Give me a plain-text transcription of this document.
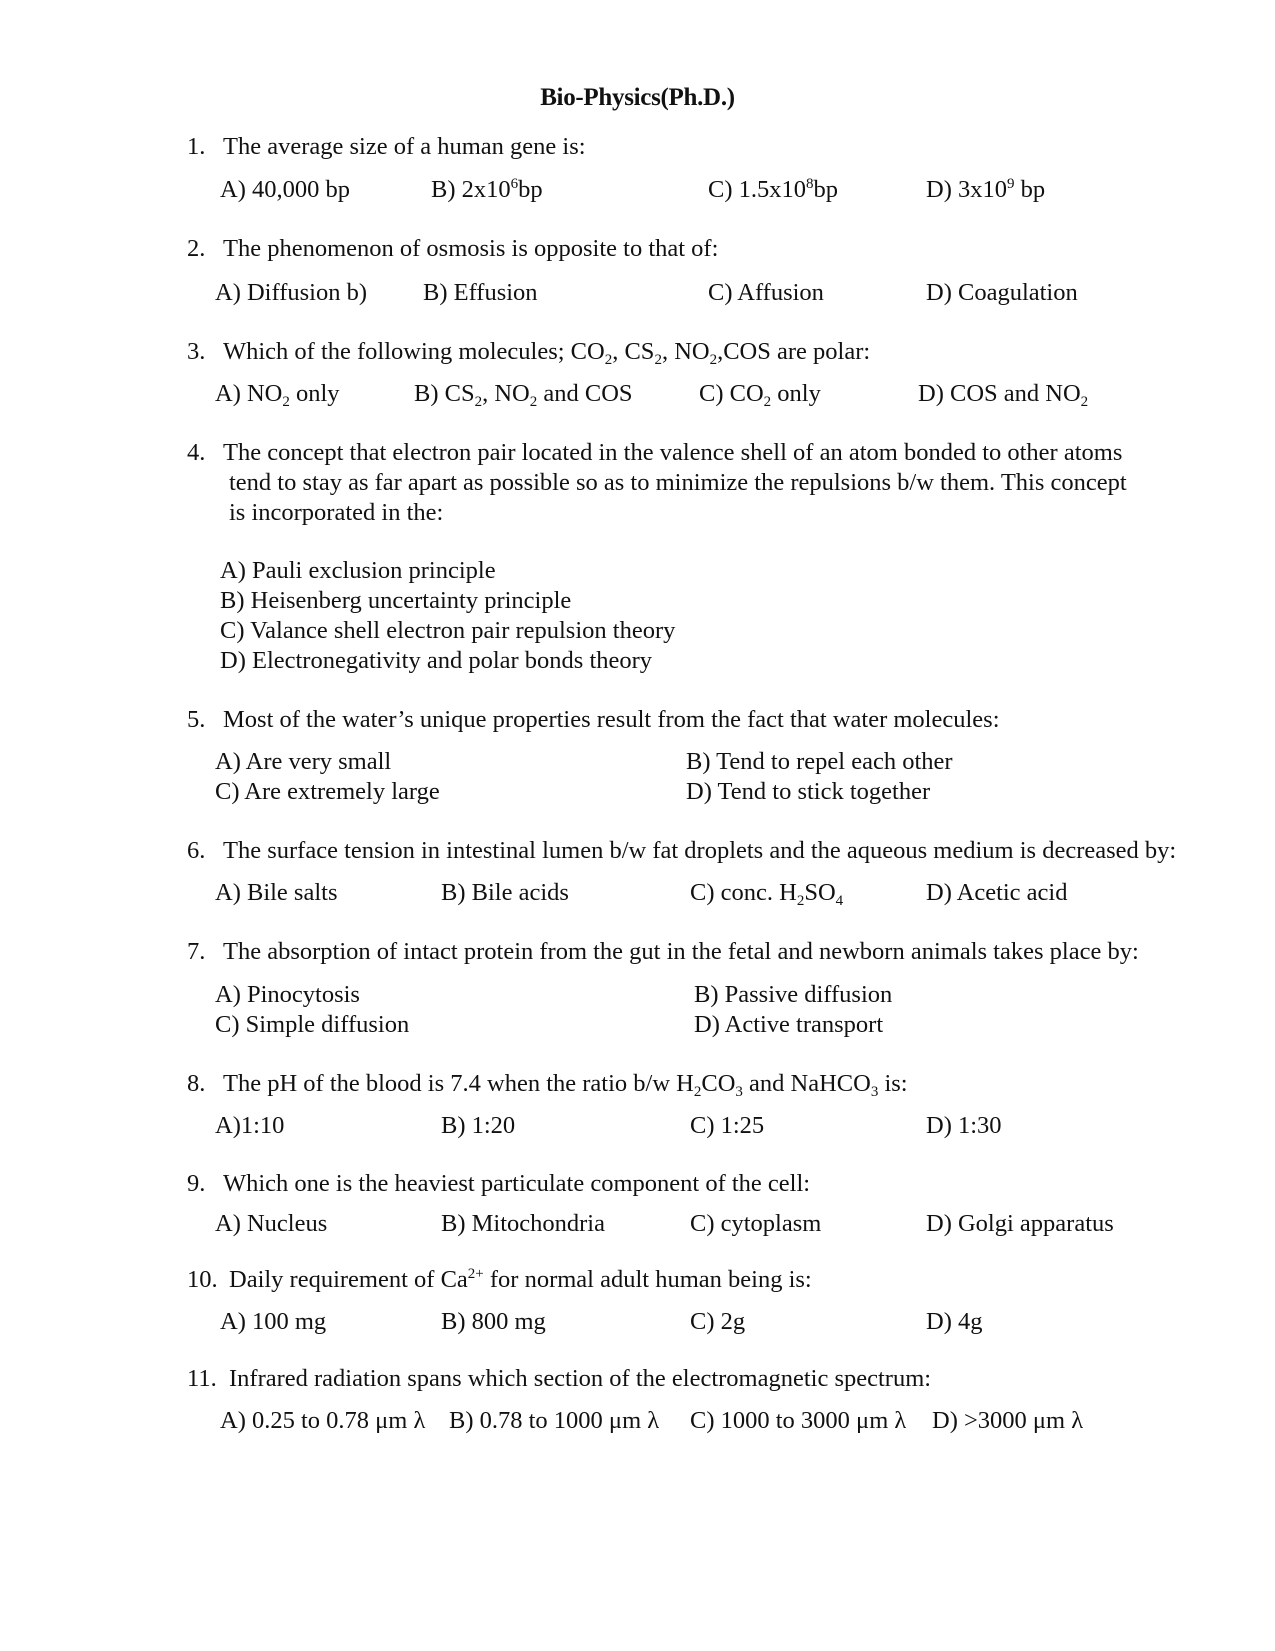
Bio-Physics(Ph.D.)
1. The average size of a human gene is:
A) 40,000 bp	B) $2x10^6bp$	C) $1.5x10^8bp$	D) $3x10^9$ bp
2. The phenomenon of osmosis is opposite to that of:
A) Diffusion b) B) Effusion	C) Affusion	D) Coagulation
3. Which of the following molecules; $CO_2$, $CS_2$, $NO_2,COS$ are polar:
A) $NO_2$ only	B) $CS_2$, $NO_2$ and COS	C) $CO_2$ only	D) COS and $NO_2$
4. The concept that electron pair located in the valence shell of an atom bonded to other atoms
tend to stay as far apart as possible so as to minimize the repulsions b/w them. This concept
is incorporated in the:
A) Pauli exclusion principle
B) Heisenberg uncertainty principle
C) Valance shell electron pair repulsion theory
D) Electronegativity and polar bonds theory
5. Most of the water’s unique properties result from the fact that water molecules:
A) Are very small	B) Tend to repel each other
C) Are extremely large	D) Tend to stick together
6. The surface tension in intestinal lumen b/w fat droplets and the aqueous medium is decreased by:
A) Bile salts	B) Bile acids	C) conc. $H_2SO_4$	D) Acetic acid
7. The absorption of intact protein from the gut in the fetal and newborn animals takes place by:
A) Pinocytosis	B) Passive diffusion
C) Simple diffusion	D) Active transport
8. The pH of the blood is 7.4 when the ratio b/w $H_2CO_3$ and NaHCO$_3$ is:
A)1:10	B) 1:20	C) 1:25	D) 1:30
9. Which one is the heaviest particulate component of the cell:
A) Nucleus	B) Mitochondria	C) cytoplasm	D) Golgi apparatus
10. Daily requirement of $Ca^{2+}$ for normal adult human being is:
A) 100 mg	B) 800 mg	C) 2g	D) 4g
11. Infrared radiation spans which section of the electromagnetic spectrum:
A) 0.25 to 0.78 μm λ B) 0.78 to 1000 μm λ C) 1000 to 3000 μm λ D) >3000 μm λ
